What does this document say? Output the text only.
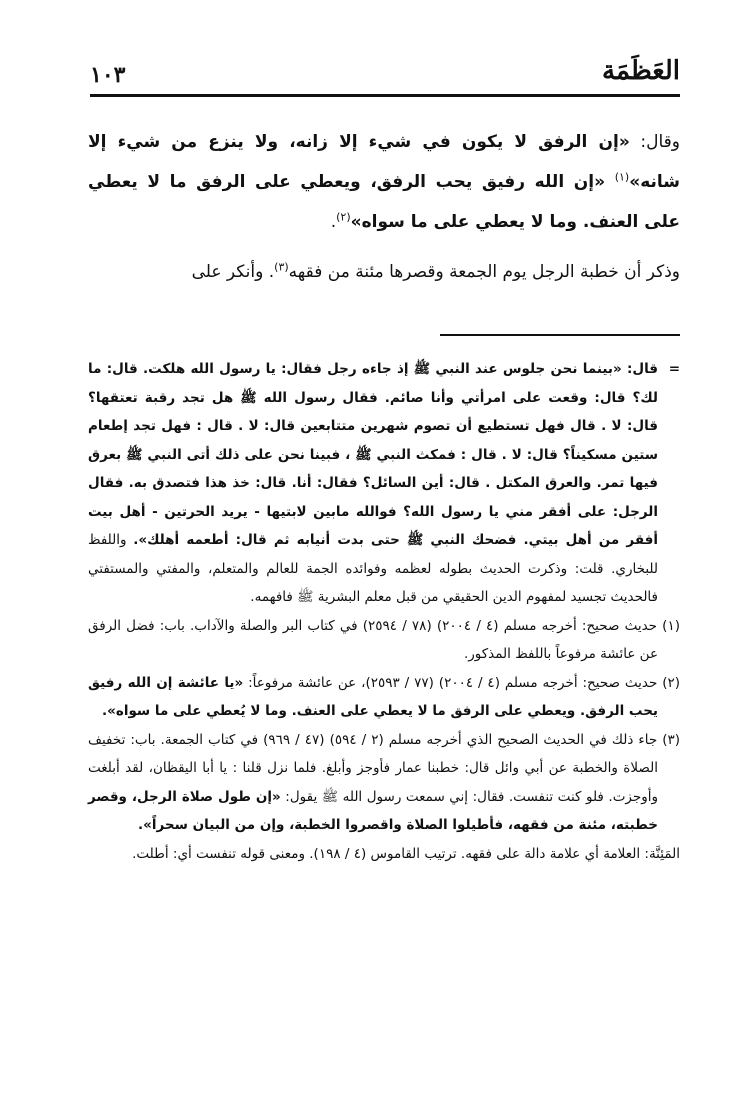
العَظَمَة
١٠٣

وقال: «إن الرفق لا يكون في شيء إلا زانه، ولا ينزع من شيء إلا شانه»$^{(١)}$ «إن الله رفيق يحب الرفق، ويعطي على الرفق ما لا يعطي على العنف. وما لا يعطي على ما سواه»$^{(٢)}$.

وذكر أن خطبة الرجل يوم الجمعة وقصرها مئنة من فقهه$^{(٣)}$. وأنكر على

=
قال: «بينما نحن جلوس عند النبي ﷺ إذ جاءه رجل فقال: يا رسول الله هلكت. قال: ما لك؟ قال: وقعت على امرأتي وأنا صائم. فقال رسول الله ﷺ هل تجد رقبة تعتقها؟ قال: لا . قال فهل تستطيع أن تصوم شهرين متتابعين قال: لا . قال : فهل تجد إطعام ستين مسكيناً؟ قال: لا . قال : فمكث النبي ﷺ ، فبينا نحن على ذلك أتى النبي ﷺ بعرق فيها تمر. والعرق المكتل . قال: أين السائل؟ فقال: أنا. قال: خذ هذا فتصدق به. فقال الرجل: على أفقر مني يا رسول الله؟ فوالله مابين لابتيها - يريد الحرتين - أهل بيت أفقر من أهل بيتي. فضحك النبي ﷺ حتى بدت أنيابه ثم قال: أطعمه أهلك». واللفظ للبخاري. قلت: وذكرت الحديث بطوله لعظمه وفوائده الجمة للعالم والمتعلم، والمفتي والمستفتي فالحديث تجسيد لمفهوم الدين الحقيقي من قبل معلم البشرية ﷺ فافهمه.

(١) حديث صحيح: أخرجه مسلم (٤ / ٢٠٠٤) (٧٨ / ٢٥٩٤) في كتاب البر والصلة والآداب. باب: فضل الرفق عن عائشة مرفوعاً باللفظ المذكور.

(٢) حديث صحيح: أخرجه مسلم (٤ / ٢٠٠٤) (٧٧ / ٢٥٩٣)، عن عائشة مرفوعاً: «يا عائشة إن الله رفيق يحب الرفق. ويعطي على الرفق ما لا يعطي على العنف. وما لا يُعطي على ما سواه».

(٣) جاء ذلك في الحديث الصحيح الذي أخرجه مسلم (٢ / ٥٩٤) (٤٧ / ٩٦٩) في كتاب الجمعة. باب: تخفيف الصلاة والخطبة عن أبي وائل قال: خطبنا عمار فأوجز وأبلغ. فلما نزل قلنا : يا أبا اليقظان، لقد أبلغت وأوجزت. فلو كنت تنفست. فقال: إني سمعت رسول الله ﷺ يقول: «إن طول صلاة الرجل، وقصر خطبته، مئنة من فقهه، فأطيلوا الصلاة واقصروا الخطبة، وإن من البيان سحراً».

المَئِنَّة: العلامة أي علامة دالة على فقهه. ترتيب القاموس (٤ / ١٩٨). ومعنى قوله تنفست أي: أطلت.
